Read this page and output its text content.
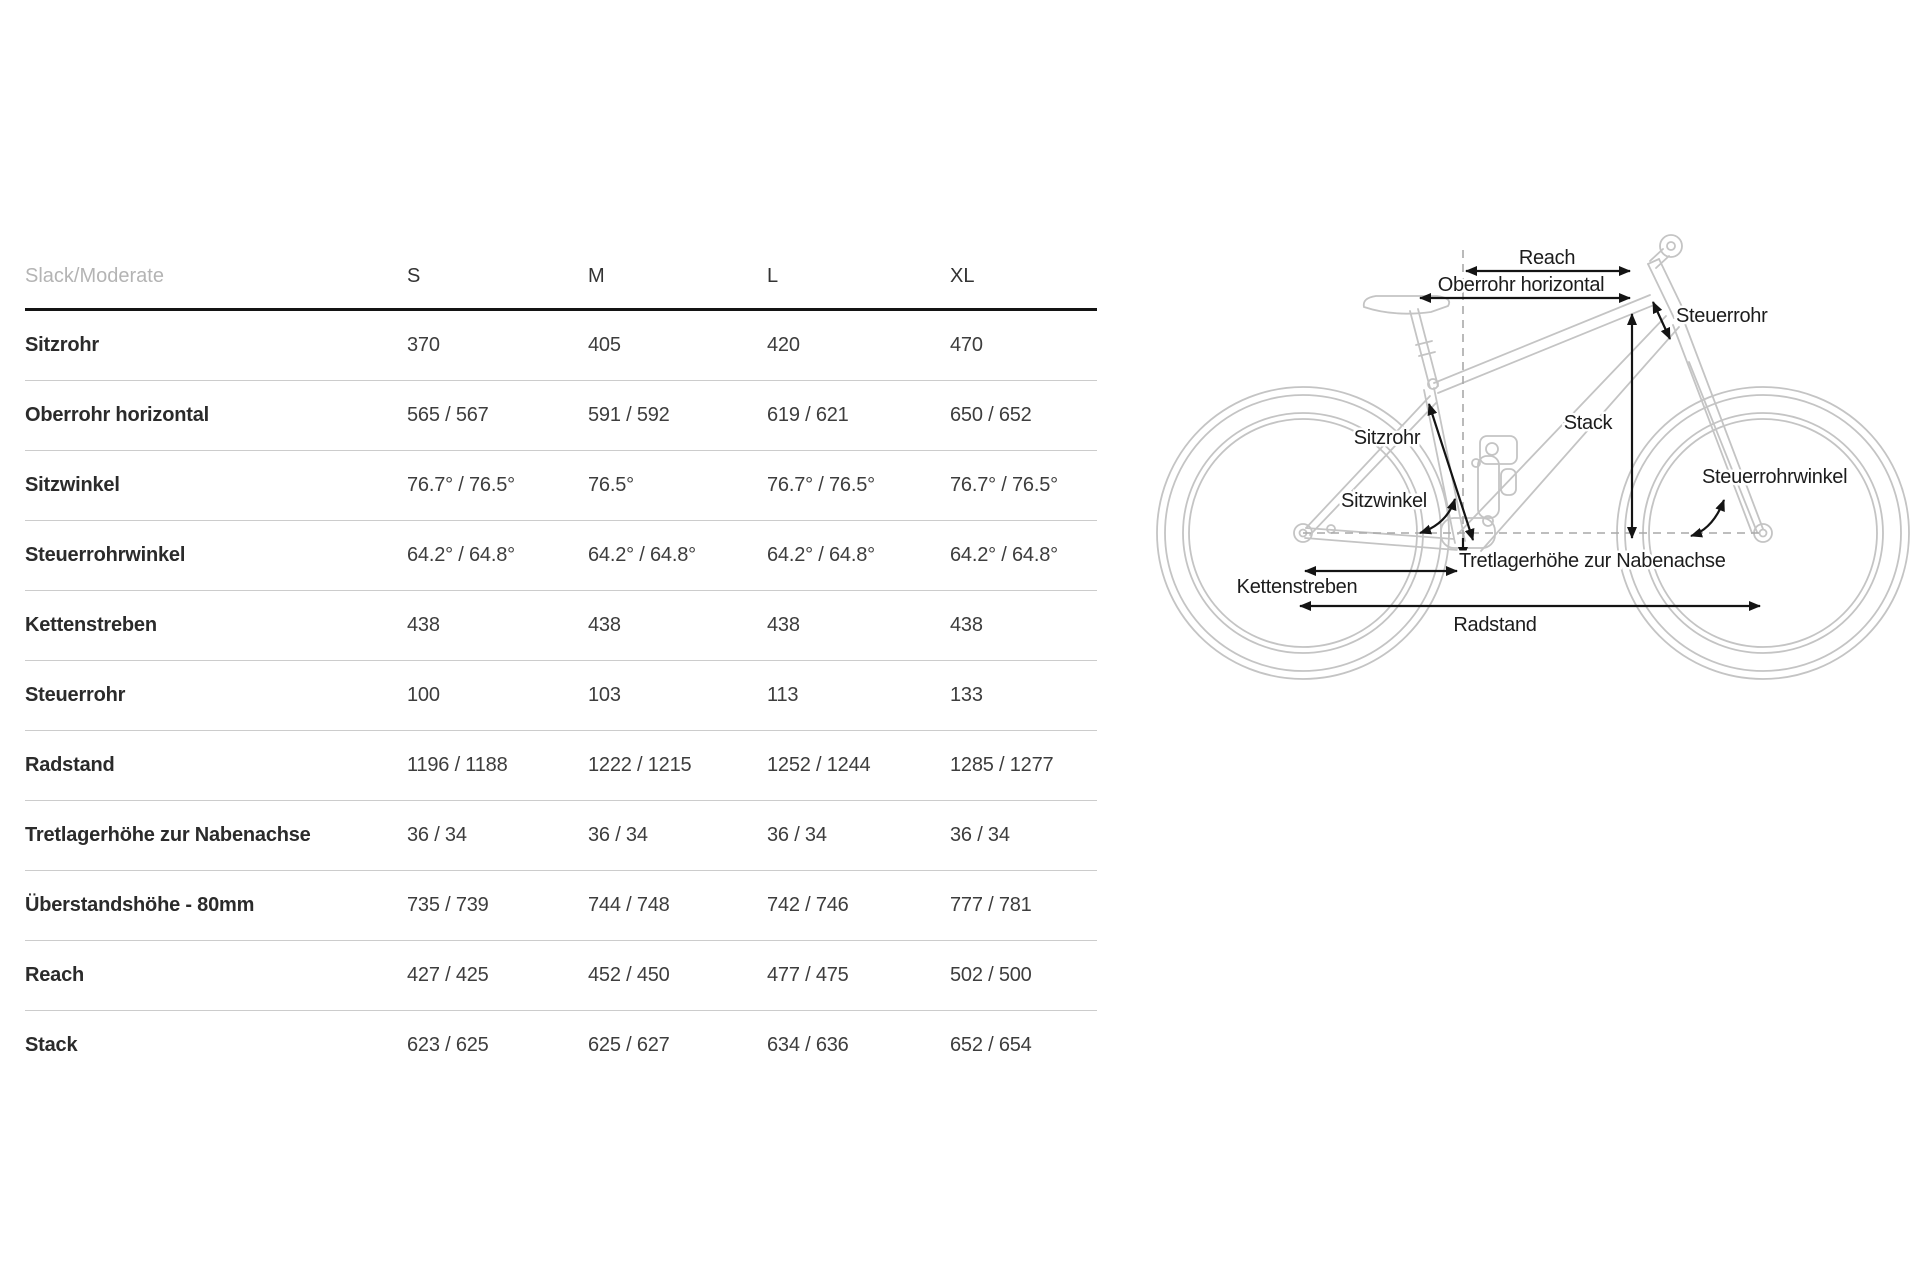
Slack/Moderate	S	M	L	XL
Sitzrohr	370	405	420	470
Oberrohr horizontal	565 / 567	591 / 592	619 / 621	650 / 652
Sitzwinkel	76.7° / 76.5°	76.5°	76.7° / 76.5°	76.7° / 76.5°
Steuerrohrwinkel	64.2° / 64.8°	64.2° / 64.8°	64.2° / 64.8°	64.2° / 64.8°
Kettenstreben	438	438	438	438
Steuerrohr	100	103	113	133
Radstand	1196 / 1188	1222 / 1215	1252 / 1244	1285 / 1277
Tretlagerhöhe zur Nabenachse	36 / 34	36 / 34	36 / 34	36 / 34
Überstandshöhe - 80mm	735 / 739	744 / 748	742 / 746	777 / 781
Reach	427 / 425	452 / 450	477 / 475	502 / 500
Stack	623 / 625	625 / 627	634 / 636	652 / 654
Reach
Oberrohr horizontal
Steuerrohr
Stack
Sitzrohr
Steuerrohrwinkel
Sitzwinkel
Tretlagerhöhe zur Nabenachse
Kettenstreben
Radstand
